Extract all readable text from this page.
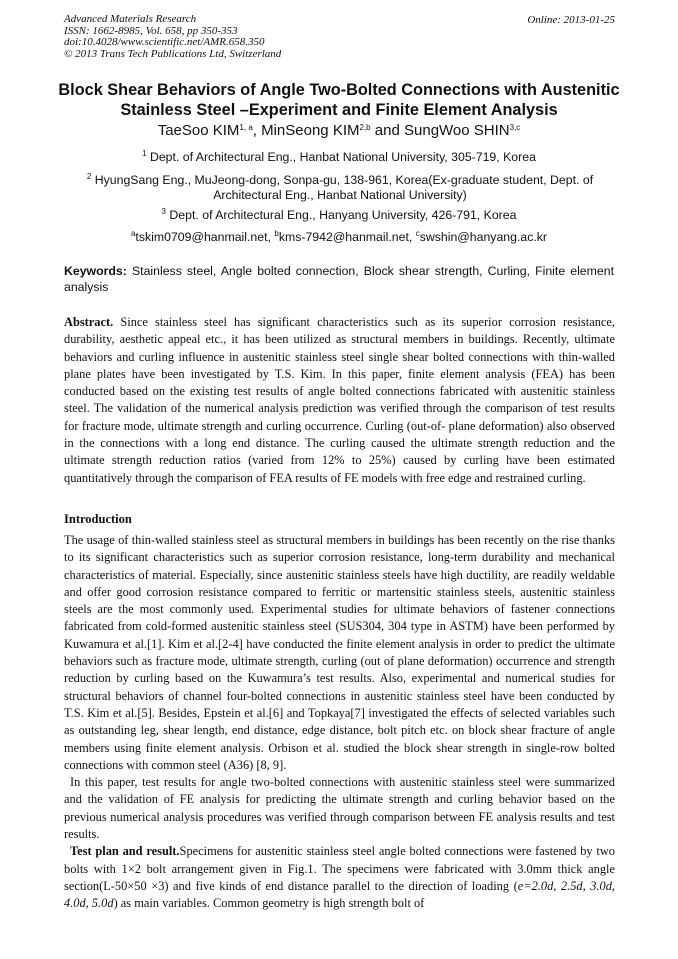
Advanced Materials Research
ISSN: 1662-8985, Vol. 658, pp 350-353
doi:10.4028/www.scientific.net/AMR.658.350
© 2013 Trans Tech Publications Ltd, Switzerland
Online: 2013-01-25
Block Shear Behaviors of Angle Two-Bolted Connections with Austenitic
Stainless Steel –Experiment and Finite Element Analysis
TaeSoo KIM$^{1, a}$, MinSeong KIM$^{2,b}$ and SungWoo SHIN$^{3,c}$
$^1$ Dept. of Architectural Eng., Hanbat National University, 305-719, Korea
$^2$ HyungSang Eng., MuJeong-dong, Sonpa-gu, 138-961, Korea(Ex-graduate student, Dept. of Architectural Eng., Hanbat National University)
$^3$ Dept. of Architectural Eng., Hanyang University, 426-791, Korea
$^a$tskim0709@hanmail.net, $^b$kms-7942@hanmail.net, $^c$swshin@hanyang.ac.kr
Keywords: Stainless steel, Angle bolted connection, Block shear strength, Curling, Finite element analysis
Abstract. Since stainless steel has significant characteristics such as its superior corrosion resistance, durability, aesthetic appeal etc., it has been utilized as structural members in buildings. Recently, ultimate behaviors and curling influence in austenitic stainless steel single shear bolted connections with thin-walled plane plates have been investigated by T.S. Kim. In this paper, finite element analysis (FEA) has been conducted based on the existing test results of angle bolted connections fabricated with austenitic stainless steel. The validation of the numerical analysis prediction was verified through the comparison of test results for fracture mode, ultimate strength and curling occurrence. Curling (out-of- plane deformation) also observed in the connections with a long end distance. The curling caused the ultimate strength reduction and the ultimate strength reduction ratios (varied from 12% to 25%) caused by curling have been estimated quantitatively through the comparison of FEA results of FE models with free edge and restrained curling.
Introduction
The usage of thin-walled stainless steel as structural members in buildings has been recently on the rise thanks to its significant characteristics such as superior corrosion resistance, long-term durability and mechanical characteristics of material. Especially, since austenitic stainless steels have high ductility, are readily weldable and offer good corrosion resistance compared to ferritic or martensitic stainless steels, austenitic stainless steels are the most commonly used. Experimental studies for ultimate behaviors of fastener connections fabricated from cold-formed austenitic stainless steel (SUS304, 304 type in ASTM) have been performed by Kuwamura et al.[1]. Kim et al.[2-4] have conducted the finite element analysis in order to predict the ultimate behaviors such as fracture mode, ultimate strength, curling (out of plane deformation) occurrence and strength reduction by curling based on the Kuwamura’s test results. Also, experimental and numerical studies for structural behaviors of channel four-bolted connections in austenitic stainless steel have been conducted by T.S. Kim et al.[5]. Besides, Epstein et al.[6] and Topkaya[7] investigated the effects of selected variables such as outstanding leg, shear length, end distance, edge distance, bolt pitch etc. on block shear fracture of angle members using finite element analysis. Orbison et al. studied the block shear strength in single-row bolted connections with common steel (A36) [8, 9].
In this paper, test results for angle two-bolted connections with austenitic stainless steel were summarized and the validation of FE analysis for predicting the ultimate strength and curling behavior based on the previous numerical analysis procedures was verified through comparison between FE analysis results and test results.
Test plan and result.Specimens for austenitic stainless steel angle bolted connections were fastened by two bolts with 1×2 bolt arrangement given in Fig.1. The specimens were fabricated with 3.0mm thick angle section(L-50×50 ×3) and five kinds of end distance parallel to the direction of loading (e=2.0d, 2.5d, 3.0d, 4.0d, 5.0d) as main variables. Common geometry is high strength bolt of
